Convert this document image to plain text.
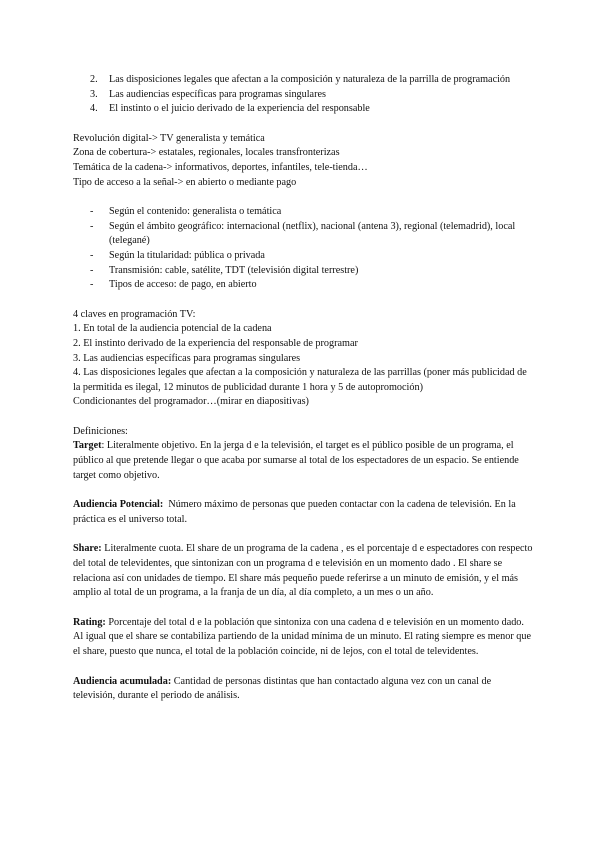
2. Las disposiciones legales que afectan a la composición y naturaleza de la parrilla de programación
3. Las audiencias específicas para programas singulares
4. El instinto o el juicio derivado de la experiencia del responsable
Revolución digital-> TV generalista y temática
Zona de cobertura-> estatales, regionales, locales transfronterizas
Temática de la cadena-> informativos, deportes, infantiles, tele-tienda…
Tipo de acceso a la señal-> en abierto o mediante pago
- Según el contenido: generalista o temática
- Según el ámbito geográfico: internacional (netflix), nacional (antena 3), regional (telemadrid), local (telegané)
- Según la titularidad: pública o privada
- Transmisión: cable, satélite, TDT (televisión digital terrestre)
- Tipos de acceso: de pago, en abierto
4 claves en programación TV:
1. En total de la audiencia potencial de la cadena
2. El instinto derivado de la experiencia del responsable de programar
3. Las audiencias específicas para programas singulares
4. Las disposiciones legales que afectan a la composición y naturaleza de las parrillas (poner más publicidad de la permitida es ilegal, 12 minutos de publicidad durante 1 hora y 5 de autopromoción)
Condicionantes del programador…(mirar en diapositivas)
Definiciones:
Target: Literalmente objetivo. En la jerga d e la televisión, el target es el público posible de un programa, el público al que pretende llegar o que acaba por sumarse al total de los espectadores de un espacio. Se entiende target como objetivo.
Audiencia Potencial: Número máximo de personas que pueden contactar con la cadena de televisión. En la práctica es el universo total.
Share: Literalmente cuota. El share de un programa de la cadena , es el porcentaje d e espectadores con respecto del total de televidentes, que sintonizan con un programa d e televisión en un momento dado . El share se relaciona así con unidades de tiempo. El share más pequeño puede referirse a un minuto de emisión, y el más amplio al total de un programa, a la franja de un día, al día completo, a un mes o un año.
Rating: Porcentaje del total d e la población que sintoniza con una cadena d e televisión en un momento dado. Al igual que el share se contabiliza partiendo de la unidad mínima de un minuto. El rating siempre es menor que el share, puesto que nunca, el total de la población coincide, ni de lejos, con el total de televidentes.
Audiencia acumulada: Cantidad de personas distintas que han contactado alguna vez con un canal de televisión, durante el periodo de análisis.
